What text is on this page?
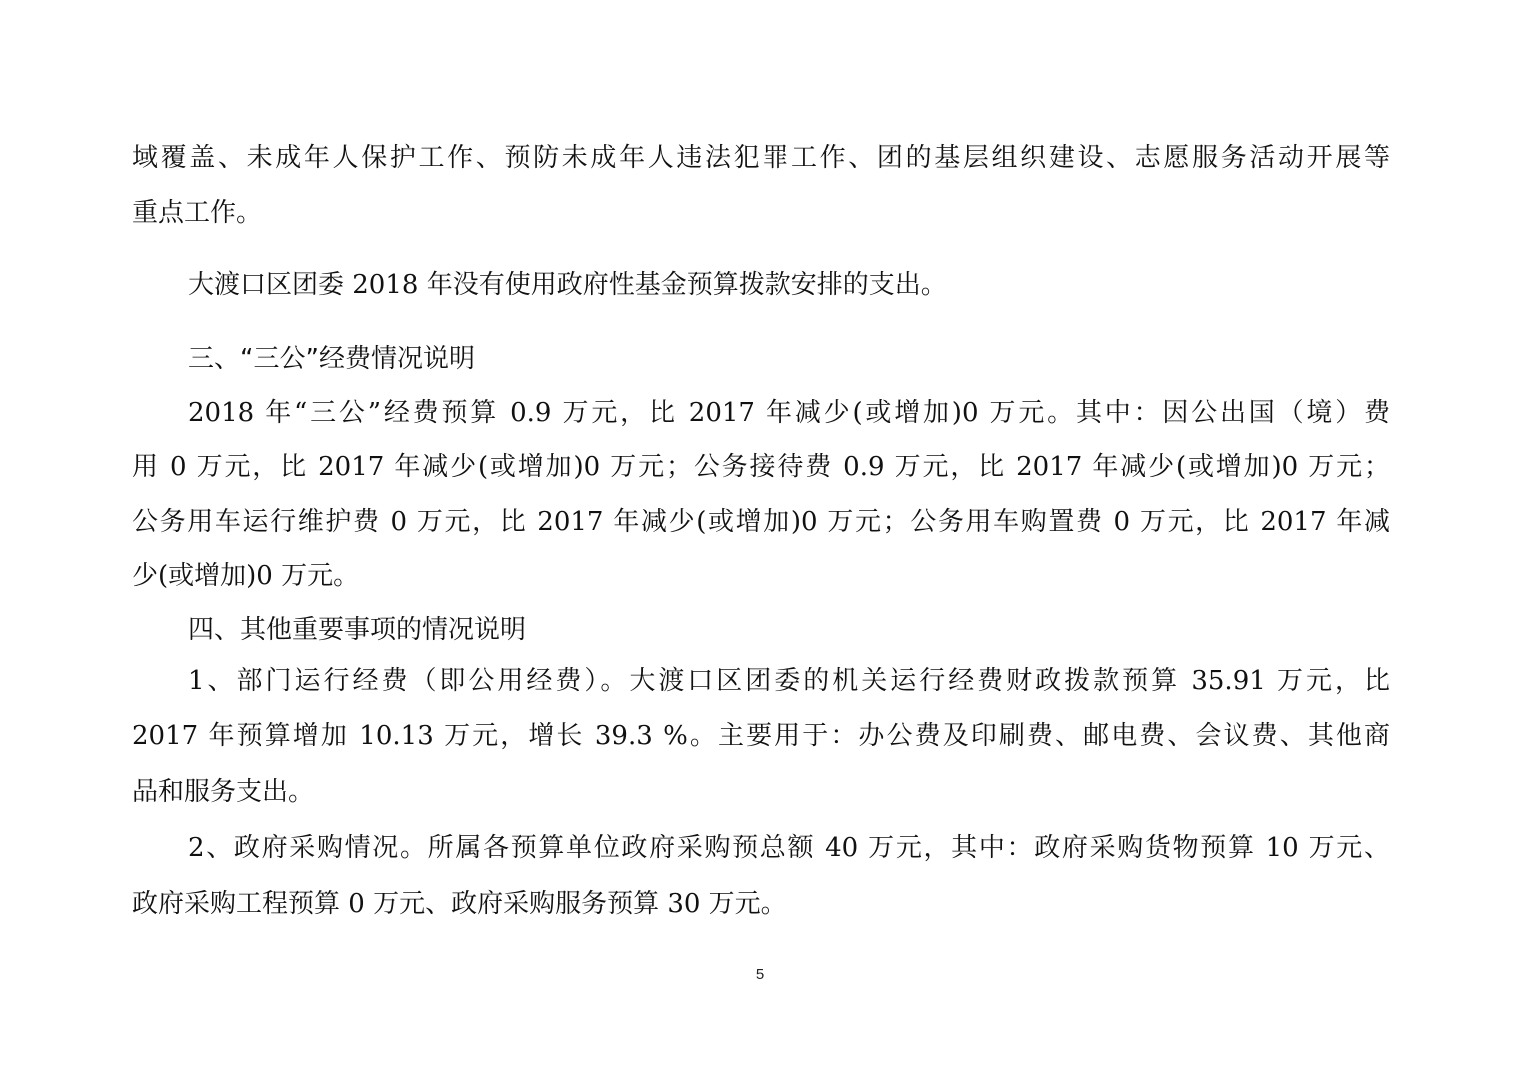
域覆盖、未成年人保护工作、预防未成年人违法犯罪工作、团的基层组织建设、志愿服务活动开展等
重点工作。
大渡口区团委 2018 年没有使用政府性基金预算拨款安排的支出。
三、“三公”经费情况说明
2018 年“三公”经费预算 0.9 万元，比 2017 年减少(或增加)0 万元。其中：因公出国（境）费
用 0 万元，比 2017 年减少(或增加)0 万元；公务接待费 0.9 万元，比 2017 年减少(或增加)0 万元；
公务用车运行维护费 0 万元，比 2017 年减少(或增加)0 万元；公务用车购置费 0 万元，比 2017 年减
少(或增加)0 万元。
四、其他重要事项的情况说明
1、部门运行经费（即公用经费）。大渡口区团委的机关运行经费财政拨款预算 35.91 万元，比
2017 年预算增加 10.13 万元，增长 39.3 %。主要用于：办公费及印刷费、邮电费、会议费、其他商
品和服务支出。
2、政府采购情况。所属各预算单位政府采购预总额 40 万元，其中：政府采购货物预算 10 万元、
政府采购工程预算 0 万元、政府采购服务预算 30 万元。
5
